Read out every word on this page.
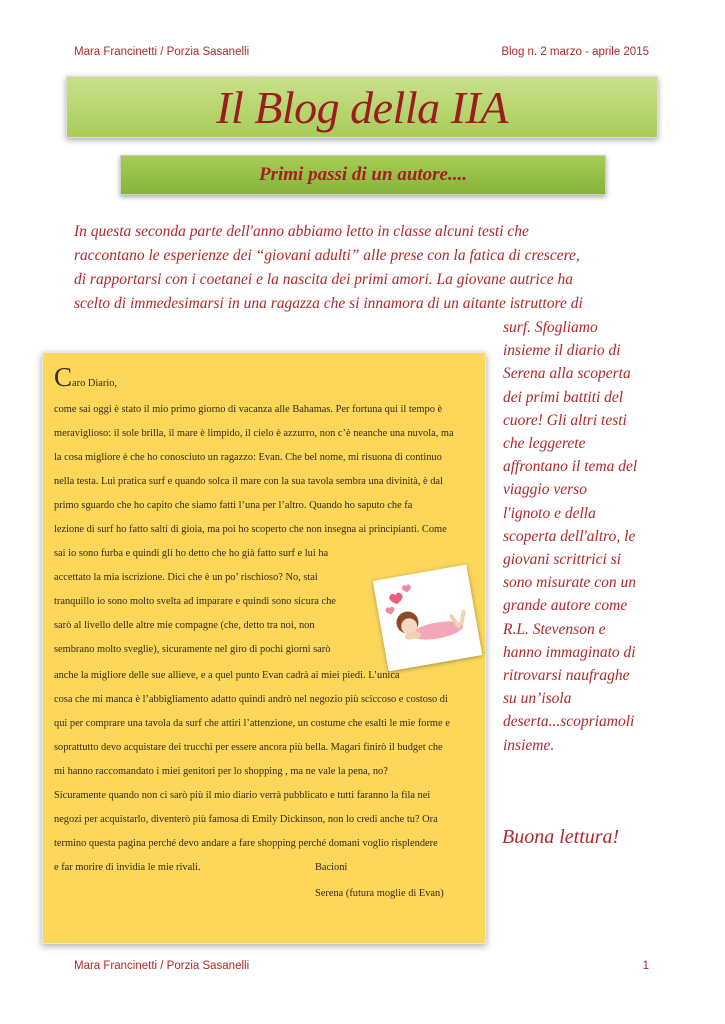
Mara Francinetti / Porzia Sasanelli	Blog n. 2 marzo - aprile 2015
Il Blog della IIA
Primi passi di un autore....
In questa seconda parte dell'anno abbiamo letto in classe alcuni testi che
raccontano le esperienze dei “giovani adulti” alle prese con la fatica di crescere,
di rapportarsi con i coetanei e la nascita dei primi amori. La giovane autrice ha
scelto di immedesimarsi in una ragazza che si innamora di un aitante istruttore di
surf. Sfogliamo
insieme il diario di
Serena alla scoperta
dei primi battiti del
cuore! Gli altri testi
che leggerete
affrontano il tema del
viaggio verso
l'ignoto e della
scoperta dell'altro, le
giovani scrittrici si
sono misurate con un
grande autore come
R.L. Stevenson e
hanno immaginato di
ritrovarsi naufraghe
su un’isola
deserta...scopriamoli
insieme.
Buona lettura!
Caro Diario,
come sai oggi è stato il mio primo giorno di vacanza alle Bahamas. Per fortuna qui il tempo è
meraviglioso: il sole brilla, il mare è limpido, il cielo è azzurro, non c’è neanche una nuvola, ma
la cosa migliore è che ho conosciuto un ragazzo: Evan. Che bel nome, mi risuona di continuo
nella testa. Lui pratica surf e quando solca il mare con la sua tavola sembra una divinità, è dal
primo sguardo che ho capito che siamo fatti l’una per l’altro. Quando ho saputo che fa
lezione di surf ho fatto salti di gioia, ma poi ho scoperto che non insegna ai principianti. Come
sai io sono furba e quindi gli ho detto che ho già fatto surf e lui ha
accettato la mia iscrizione. Dici che è un po’ rischioso? No, stai
tranquillo io sono molto svelta ad imparare e quindi sono sicura che
sarò al livello delle altre mie compagne (che, detto tra noi, non
sembrano molto sveglie), sicuramente nel giro di pochi giorni sarò
anche la migliore delle sue allieve, e a quel punto Evan cadrà ai miei piedi. L’unica
cosa che mi manca è l’abbigliamento adatto quindi andrò nel negozio più sciccoso e costoso di
qui per comprare una tavola da surf che attiri l’attenzione, un costume che esalti le mie forme e
soprattutto devo acquistare dei trucchi per essere ancora più bella. Magari finirò il budget che
mi hanno raccomandato i miei genitori per lo shopping , ma ne vale la pena, no?
Sicuramente quando non ci sarò più il mio diario verrà pubblicato e tutti faranno la fila nei
negozi per acquistarlo, diventerò più famosa di Emily Dickinson, non lo credi anche tu? Ora
termino questa pagina perché devo andare a fare shopping perché domani voglio risplendere
e far morire di invidia le mie rivali.	Bacioni
Serena (futura moglie di Evan)
Mara Francinetti / Porzia Sasanelli	1
